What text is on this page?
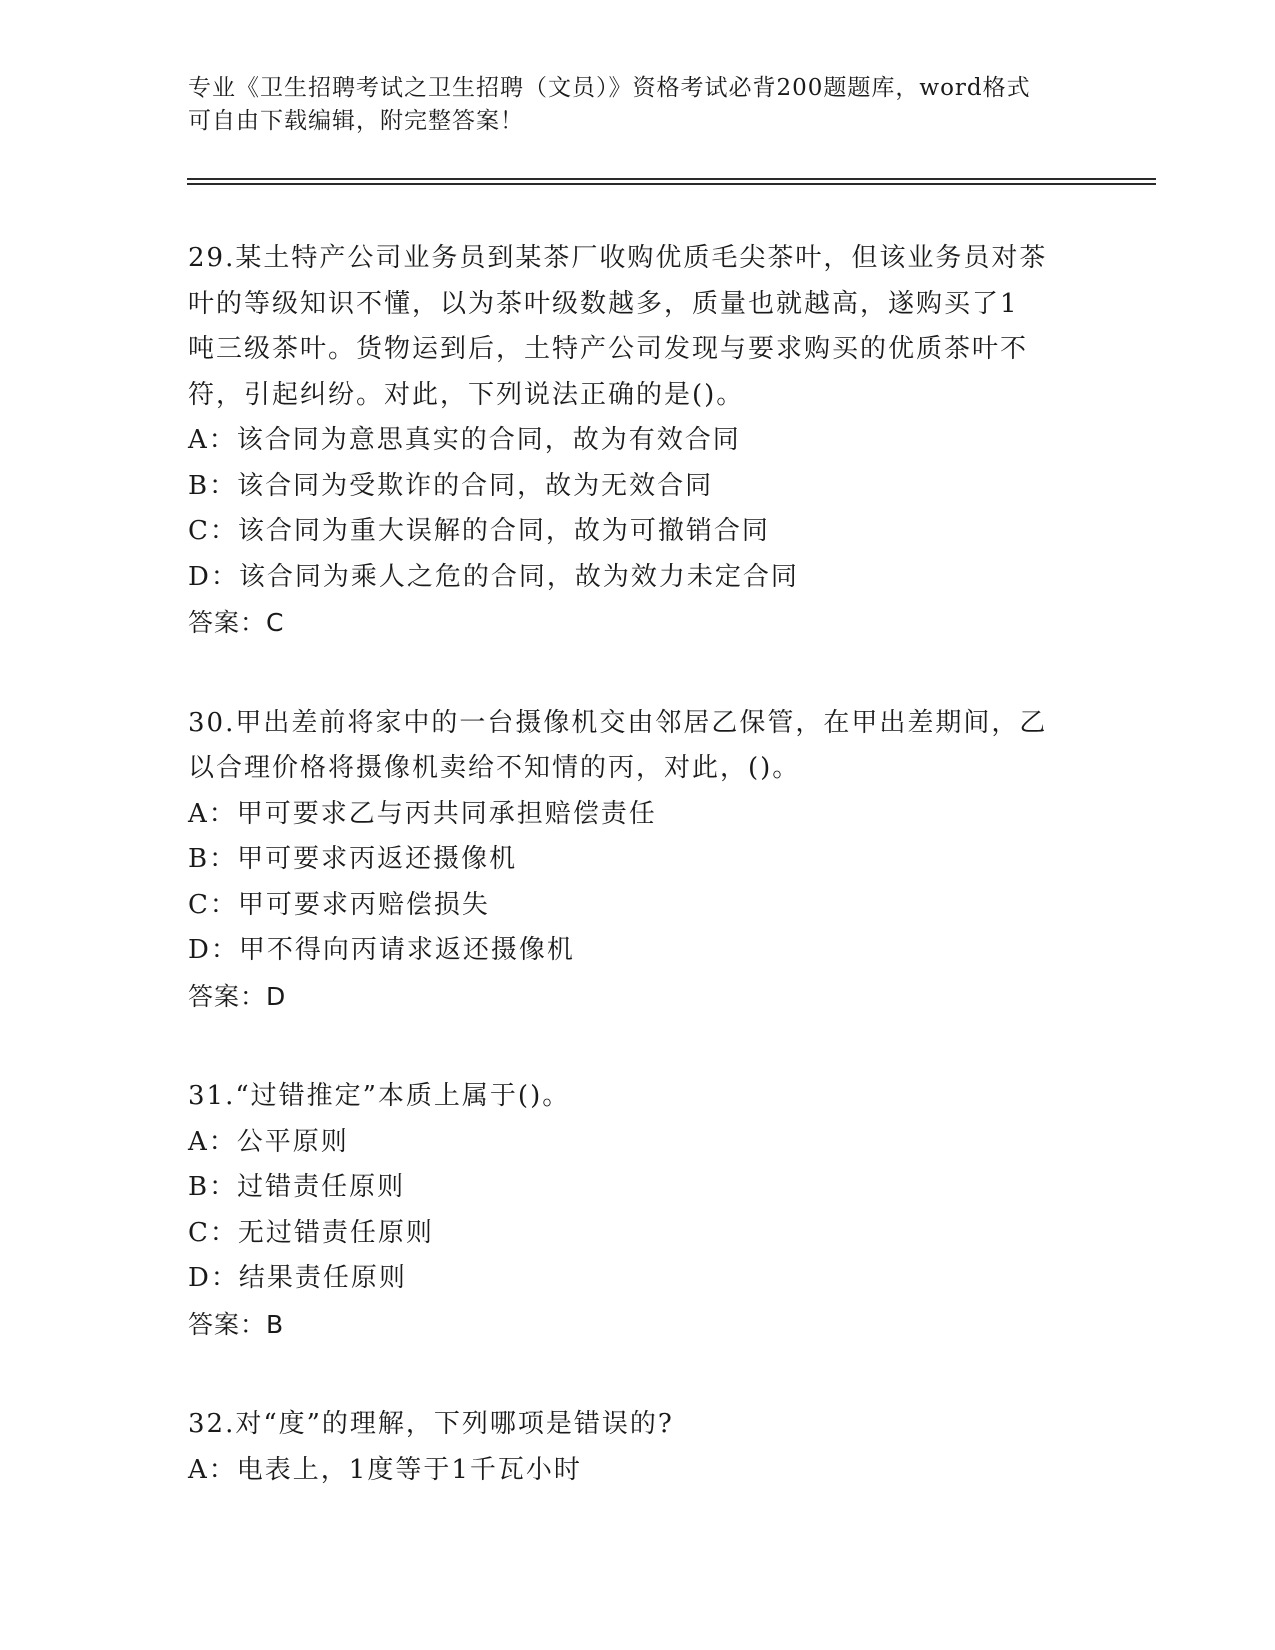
专业《卫生招聘考试之卫生招聘（文员）》资格考试必背200题题库，word格式
可自由下载编辑，附完整答案！
29.某土特产公司业务员到某茶厂收购优质毛尖茶叶，但该业务员对茶
叶的等级知识不懂，以为茶叶级数越多，质量也就越高，遂购买了1
吨三级茶叶。货物运到后，土特产公司发现与要求购买的优质茶叶不
符，引起纠纷。对此，下列说法正确的是()。
A：该合同为意思真实的合同，故为有效合同
B：该合同为受欺诈的合同，故为无效合同
C：该合同为重大误解的合同，故为可撤销合同
D：该合同为乘人之危的合同，故为效力未定合同
答案：C
30.甲出差前将家中的一台摄像机交由邻居乙保管，在甲出差期间，乙
以合理价格将摄像机卖给不知情的丙，对此，()。
A：甲可要求乙与丙共同承担赔偿责任
B：甲可要求丙返还摄像机
C：甲可要求丙赔偿损失
D：甲不得向丙请求返还摄像机
答案：D
31.“过错推定”本质上属于()。
A：公平原则
B：过错责任原则
C：无过错责任原则
D：结果责任原则
答案：B
32.对“度”的理解，下列哪项是错误的?
A：电表上，1度等于1千瓦小时
